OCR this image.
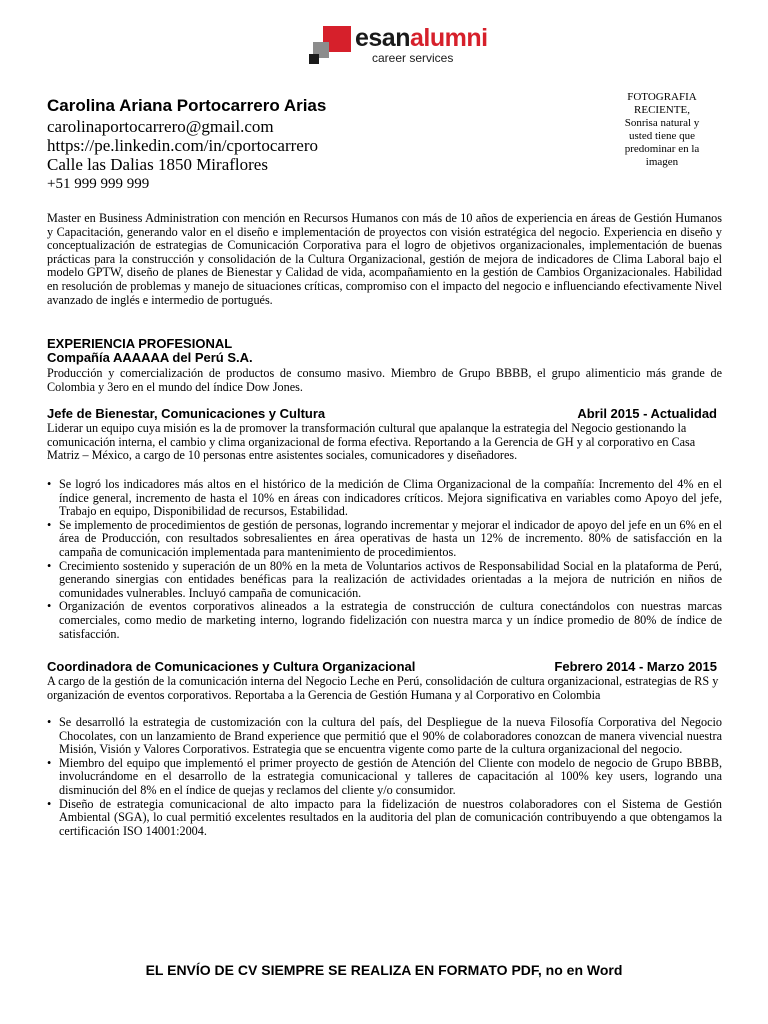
esanalumni
career services
Carolina Ariana Portocarrero Arias
carolinaportocarrero@gmail.com
https://pe.linkedin.com/in/cportocarrero
Calle las Dalias 1850 Miraflores
+51 999 999 999
FOTOGRAFIA RECIENTE, Sonrisa natural y usted tiene que predominar en la imagen
Master en Business Administration con mención en Recursos Humanos con más de 10 años de experiencia en áreas de Gestión Humanos y Capacitación, generando valor en el diseño e implementación de proyectos con visión estratégica del negocio. Experiencia en diseño y conceptualización de estrategias de Comunicación Corporativa para el logro de objetivos organizacionales, implementación de buenas prácticas para la construcción y consolidación de la Cultura Organizacional, gestión de mejora de indicadores de Clima Laboral bajo el modelo GPTW, diseño de planes de Bienestar y Calidad de vida, acompañamiento en la gestión de Cambios Organizacionales. Habilidad en resolución de problemas y manejo de situaciones críticas, compromiso con el impacto del negocio e influenciando efectivamente Nivel avanzado de inglés e intermedio de portugués.
EXPERIENCIA PROFESIONAL
Compañía AAAAAA del Perú S.A.
Producción y comercialización de productos de consumo masivo. Miembro de Grupo BBBB, el grupo alimenticio más grande de Colombia y 3ero en el mundo del índice Dow Jones.
Jefe de Bienestar, Comunicaciones y Cultura	Abril 2015 - Actualidad
Liderar un equipo cuya misión es la de promover la transformación cultural que apalanque la estrategia del Negocio gestionando la comunicación interna, el cambio y clima organizacional de forma efectiva. Reportando a la Gerencia de GH y al corporativo en Casa Matriz – México, a cargo de 10 personas entre asistentes sociales, comunicadores y diseñadores.
• Se logró los indicadores más altos en el histórico de la medición de Clima Organizacional de la compañía: Incremento del 4% en el índice general, incremento de hasta el 10% en áreas con indicadores críticos. Mejora significativa en variables como Apoyo del jefe, Trabajo en equipo, Disponibilidad de recursos, Estabilidad.
• Se implemento de procedimientos de gestión de personas, logrando incrementar y mejorar el indicador de apoyo del jefe en un 6% en el área de Producción, con resultados sobresalientes en área operativas de hasta un 12% de incremento. 80% de satisfacción en la campaña de comunicación implementada para mantenimiento de procedimientos.
• Crecimiento sostenido y superación de un 80% en la meta de Voluntarios activos de Responsabilidad Social en la plataforma de Perú, generando sinergias con entidades benéficas para la realización de actividades orientadas a la mejora de nutrición en niños de comunidades vulnerables. Incluyó campaña de comunicación.
• Organización de eventos corporativos alineados a la estrategia de construcción de cultura conectándolos con nuestras marcas comerciales, como medio de marketing interno, logrando fidelización con nuestra marca y un índice promedio de 80% de índice de satisfacción.
Coordinadora de Comunicaciones y Cultura Organizacional	Febrero 2014 - Marzo 2015
A cargo de la gestión de la comunicación interna del Negocio Leche en Perú, consolidación de cultura organizacional, estrategias de RS y organización de eventos corporativos. Reportaba a la Gerencia de Gestión Humana y al Corporativo en Colombia
• Se desarrolló la estrategia de customización con la cultura del país, del Despliegue de la nueva Filosofía Corporativa del Negocio Chocolates, con un lanzamiento de Brand experience que permitió que el 90% de colaboradores conozcan de manera vivencial nuestra Misión, Visión y Valores Corporativos. Estrategia que se encuentra vigente como parte de la cultura organizacional del negocio.
• Miembro del equipo que implementó el primer proyecto de gestión de Atención del Cliente con modelo de negocio de Grupo BBBB, involucrándome en el desarrollo de la estrategia comunicacional y talleres de capacitación al 100% key users, logrando una disminución del 8% en el índice de quejas y reclamos del cliente y/o consumidor.
• Diseño de estrategia comunicacional de alto impacto para la fidelización de nuestros colaboradores con el Sistema de Gestión Ambiental (SGA), lo cual permitió excelentes resultados en la auditoria del plan de comunicación contribuyendo a que obtengamos la certificación ISO 14001:2004.
EL ENVÍO DE CV SIEMPRE SE REALIZA EN FORMATO PDF, no en Word
